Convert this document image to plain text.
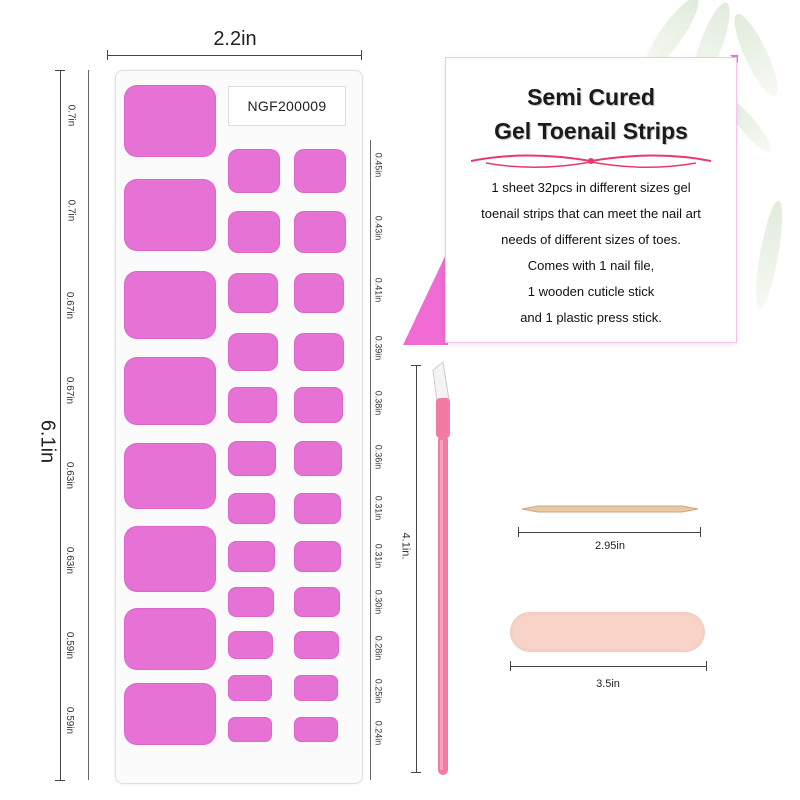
2.2in
6.1in
NGF200009
0.7in
0.7in
0.67in
0.67in
0.63in
0.63in
0.59in
0.59in
0.45in
0.43in
0.41in
0.39in
0.38in
0.36in
0.31in
0.31in
0.30in
0.28in
0.25in
0.24in
Semi Cured
Gel Toenail Strips
1 sheet 32pcs in different sizes gel
toenail strips that can meet the nail art
needs of different sizes of toes.
Comes with 1 nail file,
1 wooden cuticle stick
and 1 plastic press stick.
4.1in.	2.95in
3.5in
